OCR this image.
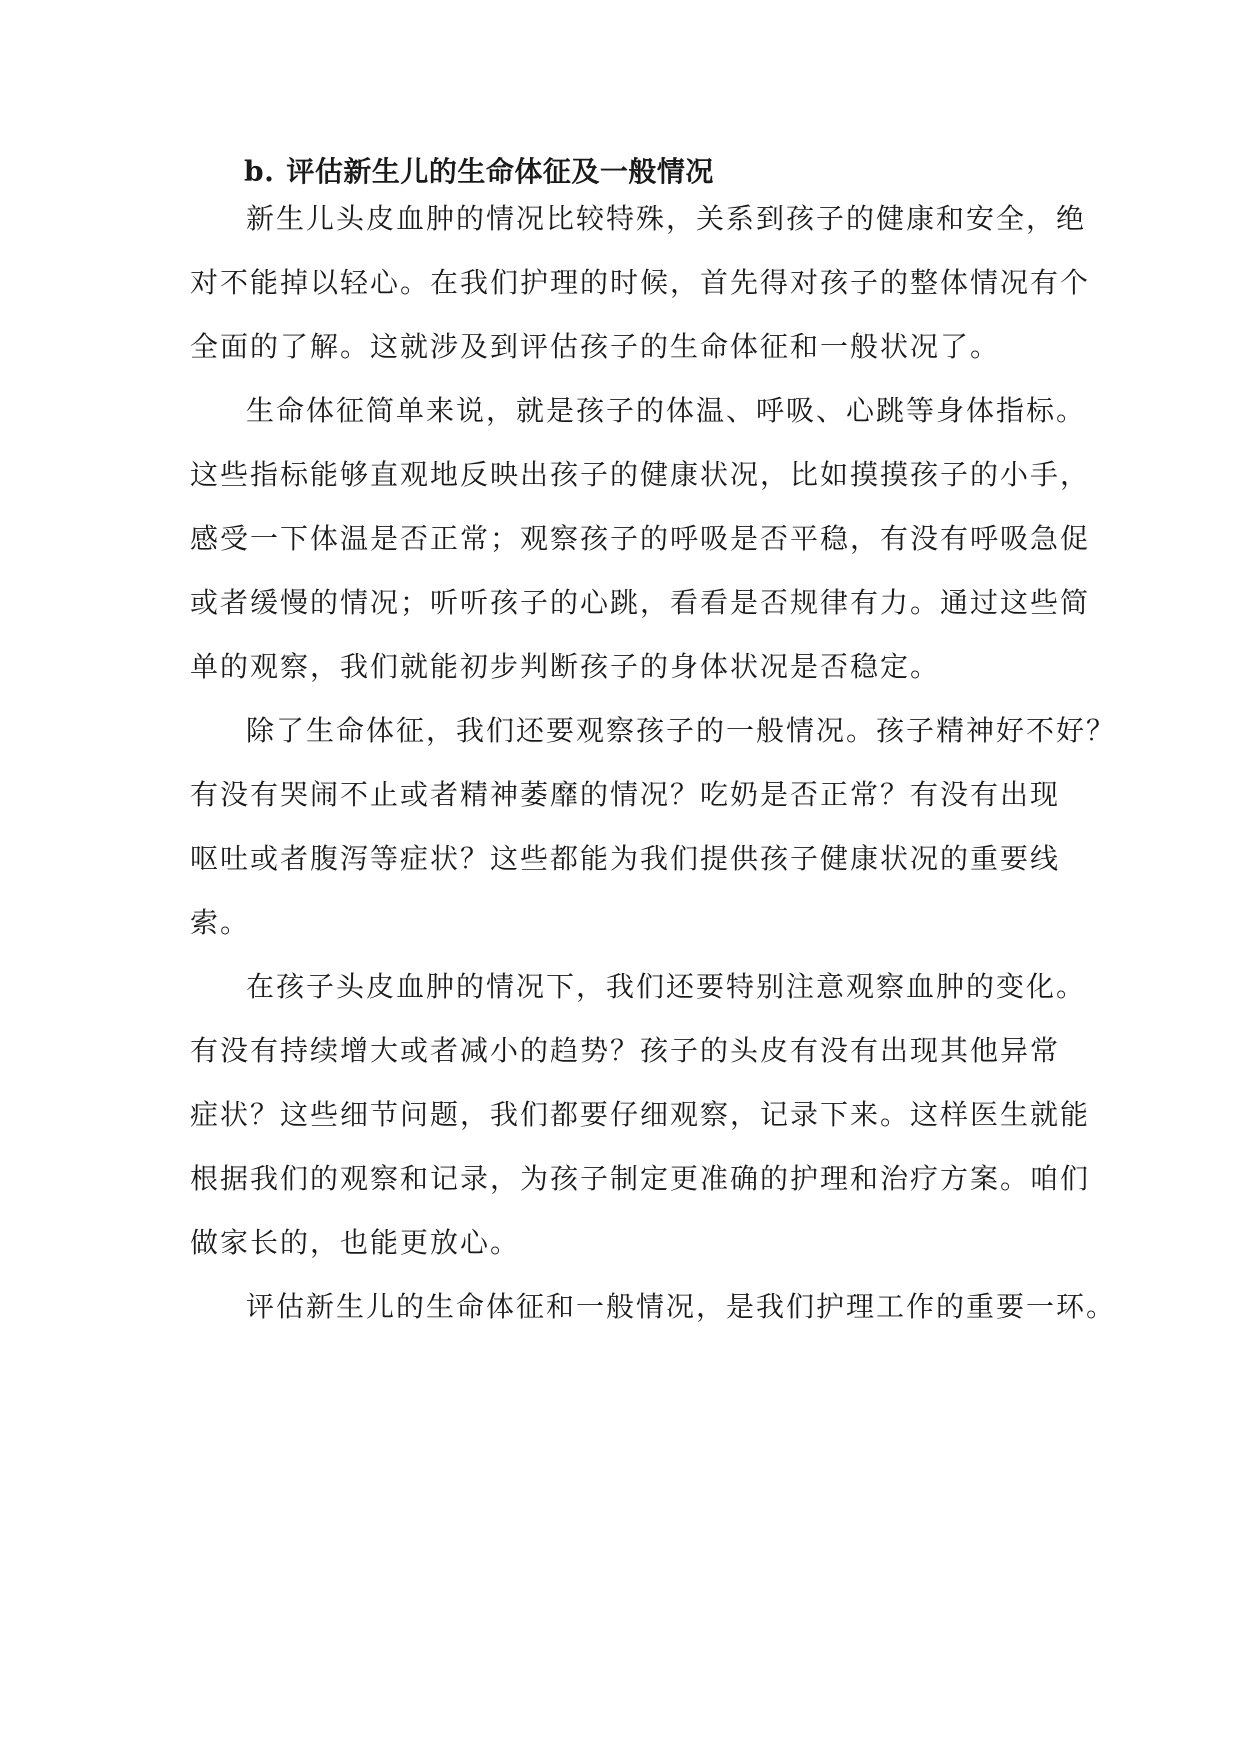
b. 评估新生儿的生命体征及一般情况
新生儿头皮血肿的情况比较特殊，关系到孩子的健康和安全，绝
对不能掉以轻心。在我们护理的时候，首先得对孩子的整体情况有个
全面的了解。这就涉及到评估孩子的生命体征和一般状况了。
生命体征简单来说，就是孩子的体温、呼吸、心跳等身体指标。
这些指标能够直观地反映出孩子的健康状况，比如摸摸孩子的小手，
感受一下体温是否正常；观察孩子的呼吸是否平稳，有没有呼吸急促
或者缓慢的情况；听听孩子的心跳，看看是否规律有力。通过这些简
单的观察，我们就能初步判断孩子的身体状况是否稳定。
除了生命体征，我们还要观察孩子的一般情况。孩子精神好不好？
有没有哭闹不止或者精神萎靡的情况？吃奶是否正常？有没有出现
呕吐或者腹泻等症状？这些都能为我们提供孩子健康状况的重要线
索。
在孩子头皮血肿的情况下，我们还要特别注意观察血肿的变化。
有没有持续增大或者减小的趋势？孩子的头皮有没有出现其他异常
症状？这些细节问题，我们都要仔细观察，记录下来。这样医生就能
根据我们的观察和记录，为孩子制定更准确的护理和治疗方案。咱们
做家长的，也能更放心。
评估新生儿的生命体征和一般情况，是我们护理工作的重要一环。
